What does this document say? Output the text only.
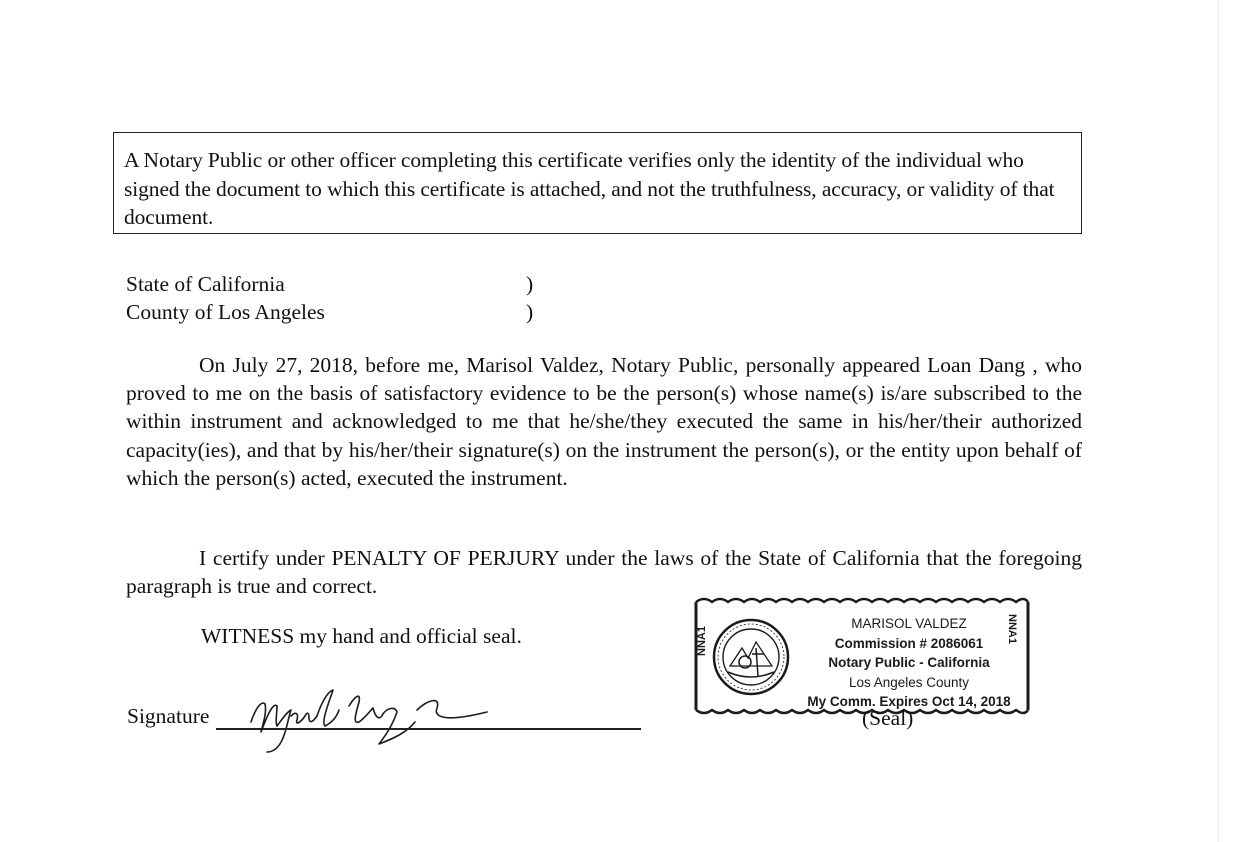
A Notary Public or other officer completing this certificate verifies only the identity of the individual who signed the document to which this certificate is attached, and not the truthfulness, accuracy, or validity of that document.
State of California	)
County of Los Angeles	)
On July 27, 2018, before me, Marisol Valdez, Notary Public, personally appeared Loan Dang , who proved to me on the basis of satisfactory evidence to be the person(s) whose name(s) is/are subscribed to the within instrument and acknowledged to me that he/she/they executed the same in his/her/their authorized capacity(ies), and that by his/her/their signature(s) on the instrument the person(s), or the entity upon behalf of which the person(s) acted, executed the instrument.
I certify under PENALTY OF PERJURY under the laws of the State of California that the foregoing paragraph is true and correct.
WITNESS my hand and official seal.
Signature
NNA1	NNA1
MARISOL VALDEZ
Commission # 2086061
Notary Public - California
Los Angeles County
My Comm. Expires Oct 14, 2018
(Seal)
